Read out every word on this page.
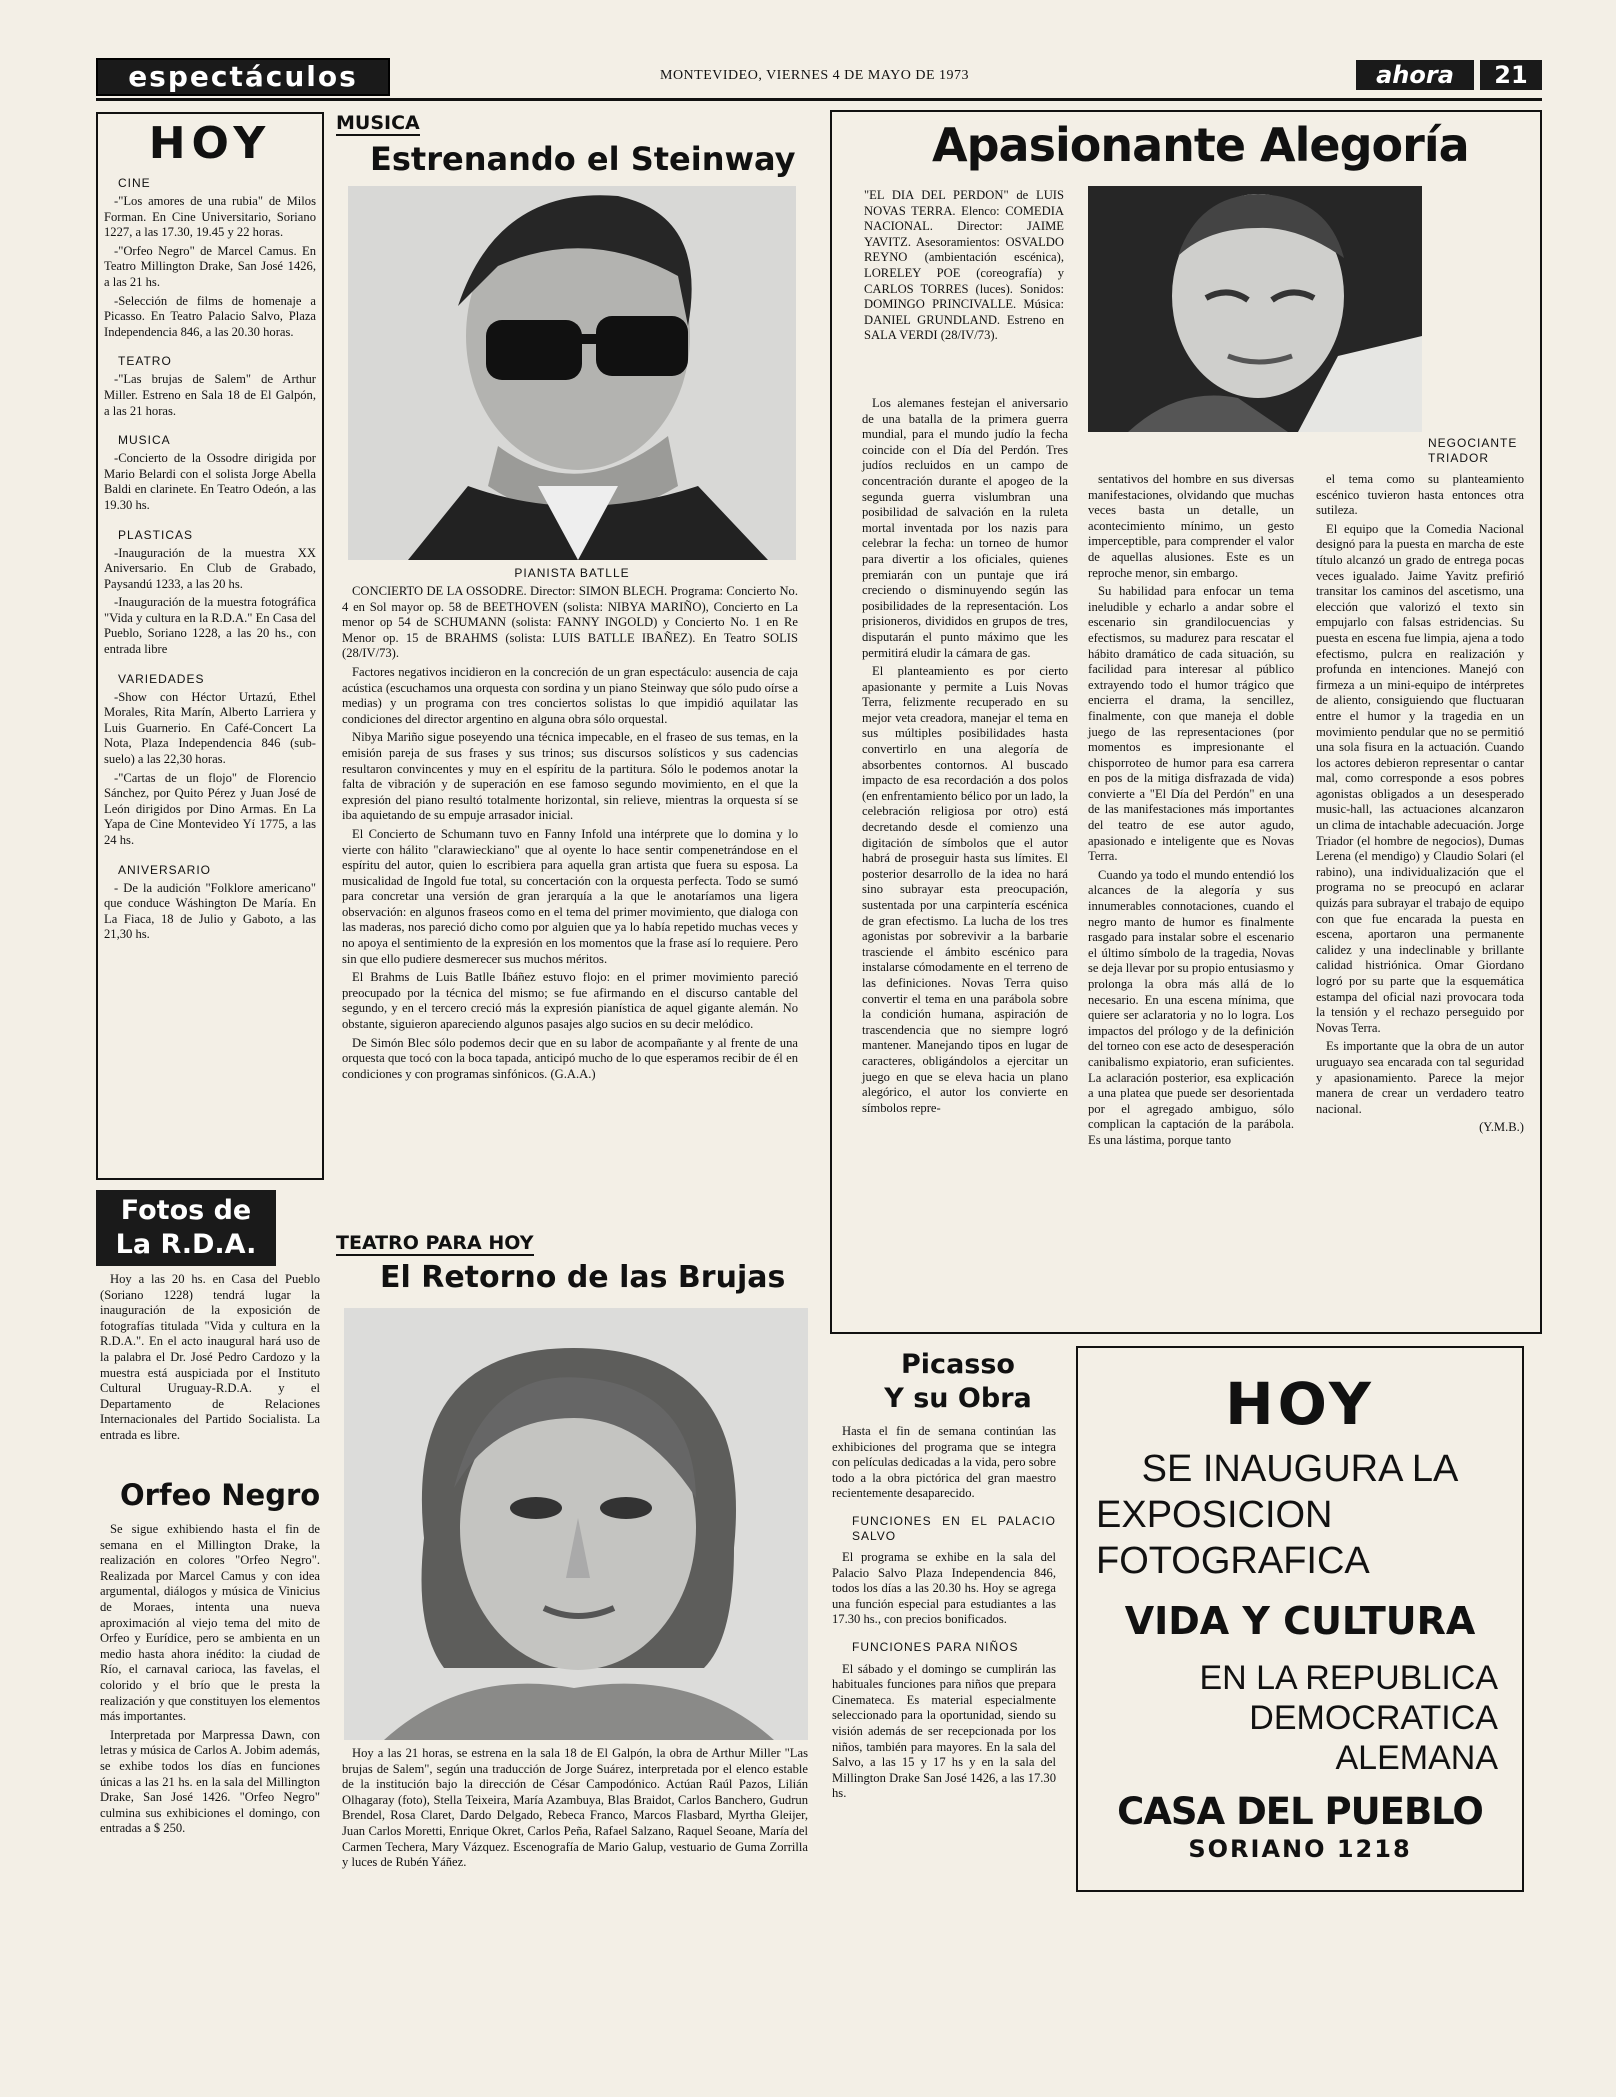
espectáculos	MONTEVIDEO, VIERNES 4 DE MAYO DE 1973	ahora	21
HOY
CINE

-"Los amores de una rubia" de Milos Forman. En Cine Universitario, Soriano 1227, a las 17.30, 19.45 y 22 horas.

-"Orfeo Negro" de Marcel Camus. En Teatro Millington Drake, San José 1426, a las 21 hs.

-Selección de films de homenaje a Picasso. En Teatro Palacio Salvo, Plaza Independencia 846, a las 20.30 horas.

TEATRO

-"Las brujas de Salem" de Arthur Miller. Estreno en Sala 18 de El Galpón, a las 21 horas.

MUSICA

-Concierto de la Ossodre dirigida por Mario Belardi con el solista Jorge Abella Baldi en clarinete. En Teatro Odeón, a las 19.30 hs.

PLASTICAS

-Inauguración de la muestra XX Aniversario. En Club de Grabado, Paysandú 1233, a las 20 hs.

-Inauguración de la muestra fotográfica "Vida y cultura en la R.D.A." En Casa del Pueblo, Soriano 1228, a las 20 hs., con entrada libre

VARIEDADES

-Show con Héctor Urtazú, Ethel Morales, Rita Marín, Alberto Larriera y Luis Guarnerio. En Café-Concert La Nota, Plaza Independencia 846 (sub-suelo) a las 22,30 horas.

-"Cartas de un flojo" de Florencio Sánchez, por Quito Pérez y Juan José de León dirigidos por Dino Armas. En La Yapa de Cine Montevideo Yí 1775, a las 24 hs.

ANIVERSARIO

- De la audición "Folklore americano" que conduce Wáshington De María. En La Fiaca, 18 de Julio y Gaboto, a las 21,30 hs.

Fotos de
La R.D.A.

Hoy a las 20 hs. en Casa del Pueblo (Soriano 1228) tendrá lugar la inauguración de la exposición de fotografías titulada "Vida y cultura en la R.D.A.". En el acto inaugural hará uso de la palabra el Dr. José Pedro Cardozo y la muestra está auspiciada por el Instituto Cultural Uruguay-R.D.A. y el Departamento de Relaciones Internacionales del Partido Socialista. La entrada es libre.

Orfeo Negro

Se sigue exhibiendo hasta el fin de semana en el Millington Drake, la realización en colores "Orfeo Negro". Realizada por Marcel Camus y con idea argumental, diálogos y música de Vinicius de Moraes, intenta una nueva aproximación al viejo tema del mito de Orfeo y Eurídice, pero se ambienta en un medio hasta ahora inédito: la ciudad de Río, el carnaval carioca, las favelas, el colorido y el brío que le presta la realización y que constituyen los elementos más importantes.

Interpretada por Marpressa Dawn, con letras y música de Carlos A. Jobim además, se exhibe todos los días en funciones únicas a las 21 hs. en la sala del Millington Drake, San José 1426. "Orfeo Negro" culmina sus exhibiciones el domingo, con entradas a $ 250.

MUSICA
Estrenando el Steinway
PIANISTA BATLLE

CONCIERTO DE LA OSSODRE. Director: SIMON BLECH. Programa: Concierto No. 4 en Sol mayor op. 58 de BEETHOVEN (solista: NIBYA MARIÑO), Concierto en La menor op 54 de SCHUMANN (solista: FANNY INGOLD) y Concierto No. 1 en Re Menor op. 15 de BRAHMS (solista: LUIS BATLLE IBAÑEZ). En Teatro SOLIS (28/IV/73).

Factores negativos incidieron en la concreción de un gran espectáculo: ausencia de caja acústica (escuchamos una orquesta con sordina y un piano Steinway que sólo pudo oírse a medias) y un programa con tres conciertos solistas lo que impidió aquilatar las condiciones del director argentino en alguna obra sólo orquestal.

Nibya Mariño sigue poseyendo una técnica impecable, en el fraseo de sus temas, en la emisión pareja de sus frases y sus trinos; sus discursos solísticos y sus cadencias resultaron convincentes y muy en el espíritu de la partitura. Sólo le podemos anotar la falta de vibración y de superación en ese famoso segundo movimiento, en el que la expresión del piano resultó totalmente horizontal, sin relieve, mientras la orquesta sí se iba aquietando de su empuje arrasador inicial.

El Concierto de Schumann tuvo en Fanny Infold una intérprete que lo domina y lo vierte con hálito "clarawieckiano" que al oyente lo hace sentir compenetrándose en el espíritu del autor, quien lo escribiera para aquella gran artista que fuera su esposa. La musicalidad de Ingold fue total, su concertación con la orquesta perfecta. Todo se sumó para concretar una versión de gran jerarquía a la que le anotaríamos una ligera observación: en algunos fraseos como en el tema del primer movimiento, que dialoga con las maderas, nos pareció dicho como por alguien que ya lo había repetido muchas veces y no apoya el sentimiento de la expresión en los momentos que la frase así lo requiere. Pero sin que ello pudiere desmerecer sus muchos méritos.

El Brahms de Luis Batlle Ibáñez estuvo flojo: en el primer movimiento pareció preocupado por la técnica del mismo; se fue afirmando en el discurso cantable del segundo, y en el tercero creció más la expresión pianística de aquel gigante alemán. No obstante, siguieron apareciendo algunos pasajes algo sucios en su decir melódico.

De Simón Blec sólo podemos decir que en su labor de acompañante y al frente de una orquesta que tocó con la boca tapada, anticipó mucho de lo que esperamos recibir de él en condiciones y con programas sinfónicos. (G.A.A.)

TEATRO PARA HOY
El Retorno de las Brujas

Hoy a las 21 horas, se estrena en la sala 18 de El Galpón, la obra de Arthur Miller "Las brujas de Salem", según una traducción de Jorge Suárez, interpretada por el elenco estable de la institución bajo la dirección de César Campodónico. Actúan Raúl Pazos, Lilián Olhagaray (foto), Stella Teixeira, María Azambuya, Blas Braidot, Carlos Banchero, Gudrun Brendel, Rosa Claret, Dardo Delgado, Rebeca Franco, Marcos Flasbard, Myrtha Gleijer, Juan Carlos Moretti, Enrique Okret, Carlos Peña, Rafael Salzano, Raquel Seoane, María del Carmen Techera, Mary Vázquez. Escenografía de Mario Galup, vestuario de Guma Zorrilla y luces de Rubén Yáñez.

Apasionante Alegoría

"EL DIA DEL PERDON" de LUIS NOVAS TERRA. Elenco: COMEDIA NACIONAL. Director: JAIME YAVITZ. Asesoramientos: OSVALDO REYNO (ambientación escénica), LORELEY POE (coreografía) y CARLOS TORRES (luces). Sonidos: DOMINGO PRINCIVALLE. Música: DANIEL GRUNDLAND. Estreno en SALA VERDI (28/IV/73).

NEGOCIANTE TRIADOR

Los alemanes festejan el aniversario de una batalla de la primera guerra mundial, para el mundo judío la fecha coincide con el Día del Perdón. Tres judíos recluidos en un campo de concentración durante el apogeo de la segunda guerra vislumbran una posibilidad de salvación en la ruleta mortal inventada por los nazis para celebrar la fecha: un torneo de humor para divertir a los oficiales, quienes premiarán con un puntaje que irá creciendo o disminuyendo según las posibilidades de la representación. Los prisioneros, divididos en grupos de tres, disputarán el punto máximo que les permitirá eludir la cámara de gas.

El planteamiento es por cierto apasionante y permite a Luis Novas Terra, felizmente recuperado en su mejor veta creadora, manejar el tema en sus múltiples posibilidades hasta convertirlo en una alegoría de absorbentes contornos. Al buscado impacto de esa recordación a dos polos (en enfrentamiento bélico por un lado, la celebración religiosa por otro) está decretando desde el comienzo una digitación de símbolos que el autor habrá de proseguir hasta sus límites. El posterior desarrollo de la idea no hará sino subrayar esta preocupación, sustentada por una carpintería escénica de gran efectismo. La lucha de los tres agonistas por sobrevivir a la barbarie trasciende el ámbito escénico para instalarse cómodamente en el terreno de las definiciones. Novas Terra quiso convertir el tema en una parábola sobre la condición humana, aspiración de trascendencia que no siempre logró mantener. Manejando tipos en lugar de caracteres, obligándolos a ejercitar un juego en que se eleva hacia un plano alegórico, el autor los convierte en símbolos repre-

sentativos del hombre en sus diversas manifestaciones, olvidando que muchas veces basta un detalle, un acontecimiento mínimo, un gesto imperceptible, para comprender el valor de aquellas alusiones. Este es un reproche menor, sin embargo.

Su habilidad para enfocar un tema ineludible y echarlo a andar sobre el escenario sin grandilocuencias y efectismos, su madurez para rescatar el hábito dramático de cada situación, su facilidad para interesar al público extrayendo todo el humor trágico que encierra el drama, la sencillez, finalmente, con que maneja el doble juego de las representaciones (por momentos es impresionante el chisporroteo de humor para esa carrera en pos de la mitiga disfrazada de vida) convierte a "El Día del Perdón" en una de las manifestaciones más importantes del teatro de ese autor agudo, apasionado e inteligente que es Novas Terra.

Cuando ya todo el mundo entendió los alcances de la alegoría y sus innumerables connotaciones, cuando el negro manto de humor es finalmente rasgado para instalar sobre el escenario el último símbolo de la tragedia, Novas se deja llevar por su propio entusiasmo y prolonga la obra más allá de lo necesario. En una escena mínima, que quiere ser aclaratoria y no lo logra. Los impactos del prólogo y de la definición del torneo con ese acto de desesperación canibalismo expiatorio, eran suficientes. La aclaración posterior, esa explicación a una platea que puede ser desorientada por el agregado ambiguo, sólo complican la captación de la parábola. Es una lástima, porque tanto

el tema como su planteamiento escénico tuvieron hasta entonces otra sutileza.

El equipo que la Comedia Nacional designó para la puesta en marcha de este título alcanzó un grado de entrega pocas veces igualado. Jaime Yavitz prefirió transitar los caminos del ascetismo, una elección que valorizó el texto sin empujarlo con falsas estridencias. Su puesta en escena fue limpia, ajena a todo efectismo, pulcra en realización y profunda en intenciones. Manejó con firmeza a un mini-equipo de intérpretes de aliento, consiguiendo que fluctuaran entre el humor y la tragedia en un movimiento pendular que no se permitió una sola fisura en la actuación. Cuando los actores debieron representar o cantar mal, como corresponde a esos pobres agonistas obligados a un desesperado music-hall, las actuaciones alcanzaron un clima de intachable adecuación. Jorge Triador (el hombre de negocios), Dumas Lerena (el mendigo) y Claudio Solari (el rabino), una individualización que el programa no se preocupó en aclarar quizás para subrayar el trabajo de equipo con que fue encarada la puesta en escena, aportaron una permanente calidez y una indeclinable y brillante calidad histriónica. Omar Giordano logró por su parte que la esquemática estampa del oficial nazi provocara toda la tensión y el rechazo perseguido por Novas Terra.

Es importante que la obra de un autor uruguayo sea encarada con tal seguridad y apasionamiento. Parece la mejor manera de crear un verdadero teatro nacional.

(Y.M.B.)

Picasso
Y su Obra

Hasta el fin de semana continúan las exhibiciones del programa que se integra con películas dedicadas a la vida, pero sobre todo a la obra pictórica del gran maestro recientemente desaparecido.

FUNCIONES EN EL PALACIO SALVO

El programa se exhibe en la sala del Palacio Salvo Plaza Independencia 846, todos los días a las 20.30 hs. Hoy se agrega una función especial para estudiantes a las 17.30 hs., con precios bonificados.

FUNCIONES PARA NIÑOS

El sábado y el domingo se cumplirán las habituales funciones para niños que prepara Cinemateca. Es material especialmente seleccionado para la oportunidad, siendo su visión además de ser recepcionada por los niños, también para mayores. En la sala del Salvo, a las 15 y 17 hs y en la sala del Millington Drake San José 1426, a las 17.30 hs.

HOY
SE INAUGURA LA
EXPOSICION
FOTOGRAFICA
VIDA Y CULTURA
EN LA REPUBLICA
DEMOCRATICA
ALEMANA
CASA DEL PUEBLO
SORIANO 1218
